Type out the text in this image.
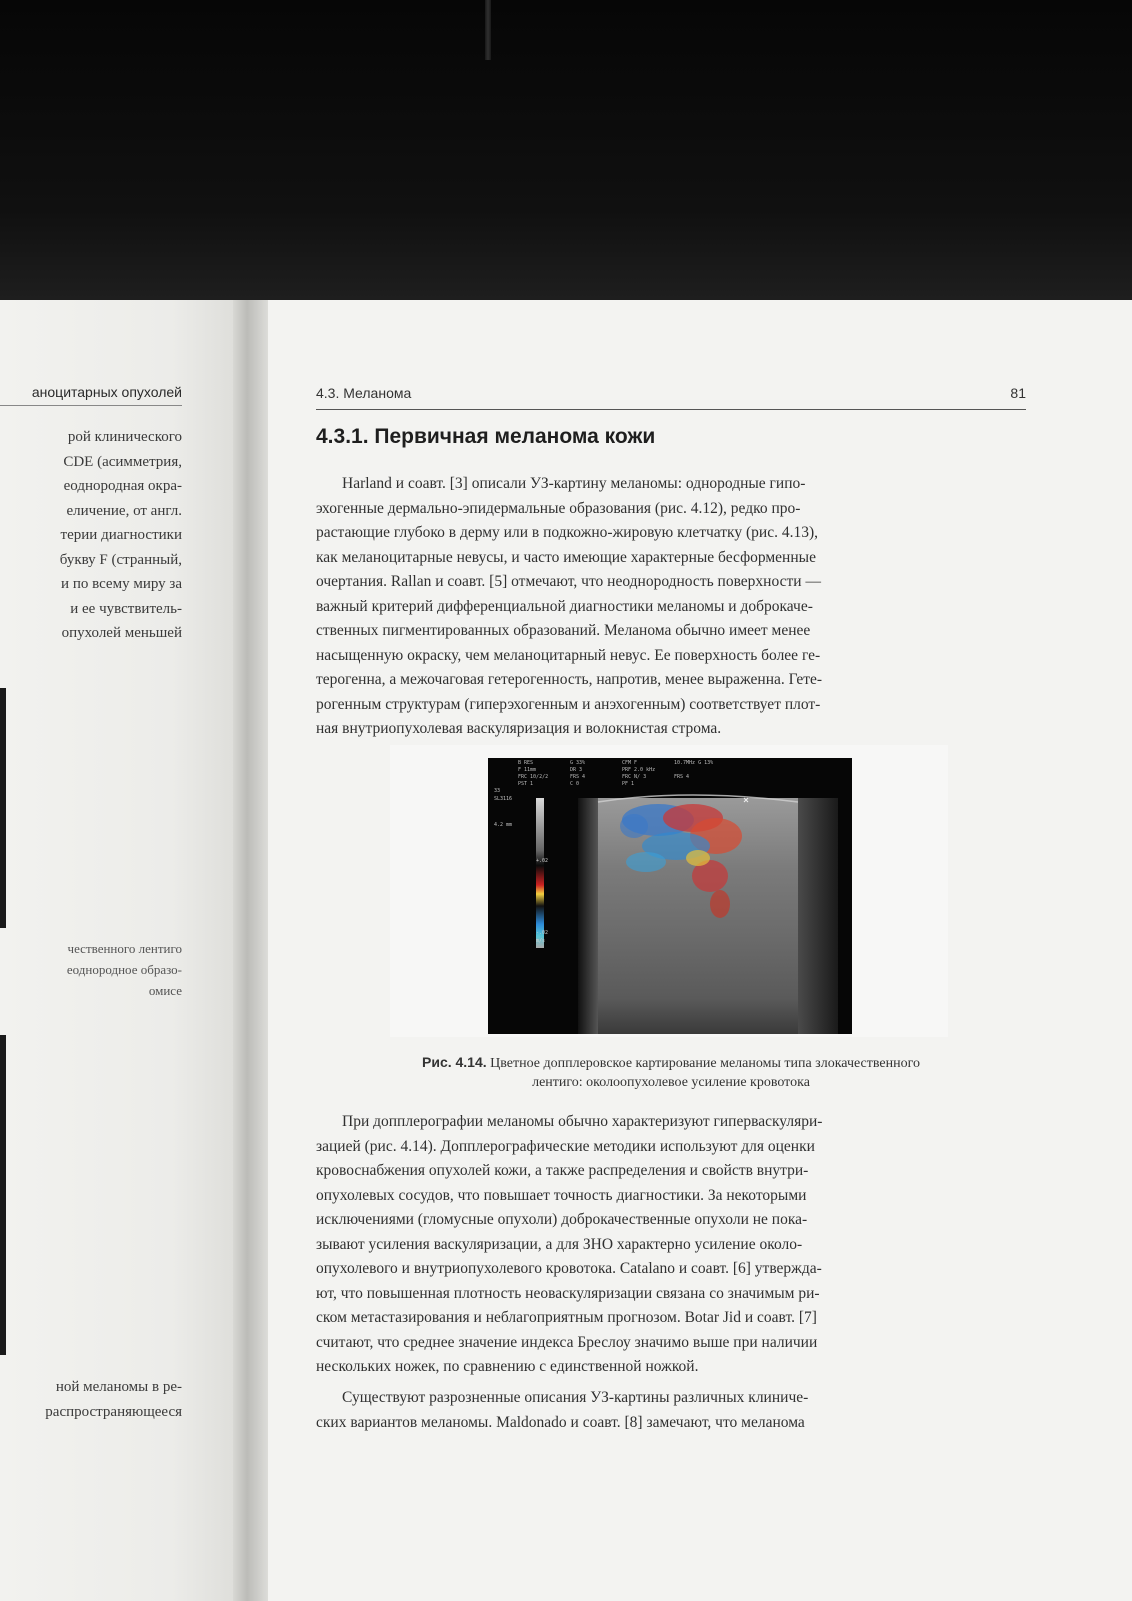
аноцитарных опухолей
рой клинического
CDE (асимметрия,
еоднородная окра-
еличение, от англ.
терии диагностики
букву F (странный,
и по всему миру за
и ее чувствитель-
опухолей меньшей
чественного лентиго
еоднородное образо-
омисе
ной меланомы в ре-
распространяющееся
4.3. Меланома	81
4.3.1. Первичная меланома кожи
Harland и соавт. [3] описали УЗ-картину меланомы: однородные гипо-
эхогенные дермально-эпидермальные образования (рис. 4.12), редко про-
растающие глубоко в дерму или в подкожно-жировую клетчатку (рис. 4.13),
как меланоцитарные невусы, и часто имеющие характерные бесформенные
очертания. Rallan и соавт. [5] отмечают, что неоднородность поверхности —
важный критерий дифференциальной диагностики меланомы и доброкаче-
ственных пигментированных образований. Меланома обычно имеет менее
насыщенную окраску, чем меланоцитарный невус. Ее поверхность более ге-
терогенна, а межочаговая гетерогенность, напротив, менее выраженна. Гете-
рогенным структурам (гиперэхогенным и анэхогенным) соответствует плот-
ная внутриопухолевая васкуляризация и волокнистая строма.
B RES	G 33%	CFM F	10.7MHz G 13%
F 11mm	DR 3	PRF 2.0 kHz
FRC 10/2/2	FRS 4	FRC N/ 3	FRS 4
PST 1	C 0	PF 1
33
SL3116
4.2 mm
+.02
-.02
m/s
Рис. 4.14. Цветное допплеровское картирование меланомы типа злокачественного
лентиго: околоопухолевое усиление кровотока
При допплерографии меланомы обычно характеризуют гиперваскуляри-
зацией (рис. 4.14). Допплерографические методики используют для оценки
кровоснабжения опухолей кожи, а также распределения и свойств внутри-
опухолевых сосудов, что повышает точность диагностики. За некоторыми
исключениями (гломусные опухоли) доброкачественные опухоли не пока-
зывают усиления васкуляризации, а для ЗНО характерно усиление около-
опухолевого и внутриопухолевого кровотока. Catalano и соавт. [6] утвержда-
ют, что повышенная плотность неоваскуляризации связана со значимым ри-
ском метастазирования и неблагоприятным прогнозом. Botar Jid и соавт. [7]
считают, что среднее значение индекса Бреслоу значимо выше при наличии
нескольких ножек, по сравнению с единственной ножкой.
Существуют разрозненные описания УЗ-картины различных клиниче-
ских вариантов меланомы. Maldonado и соавт. [8] замечают, что меланома
